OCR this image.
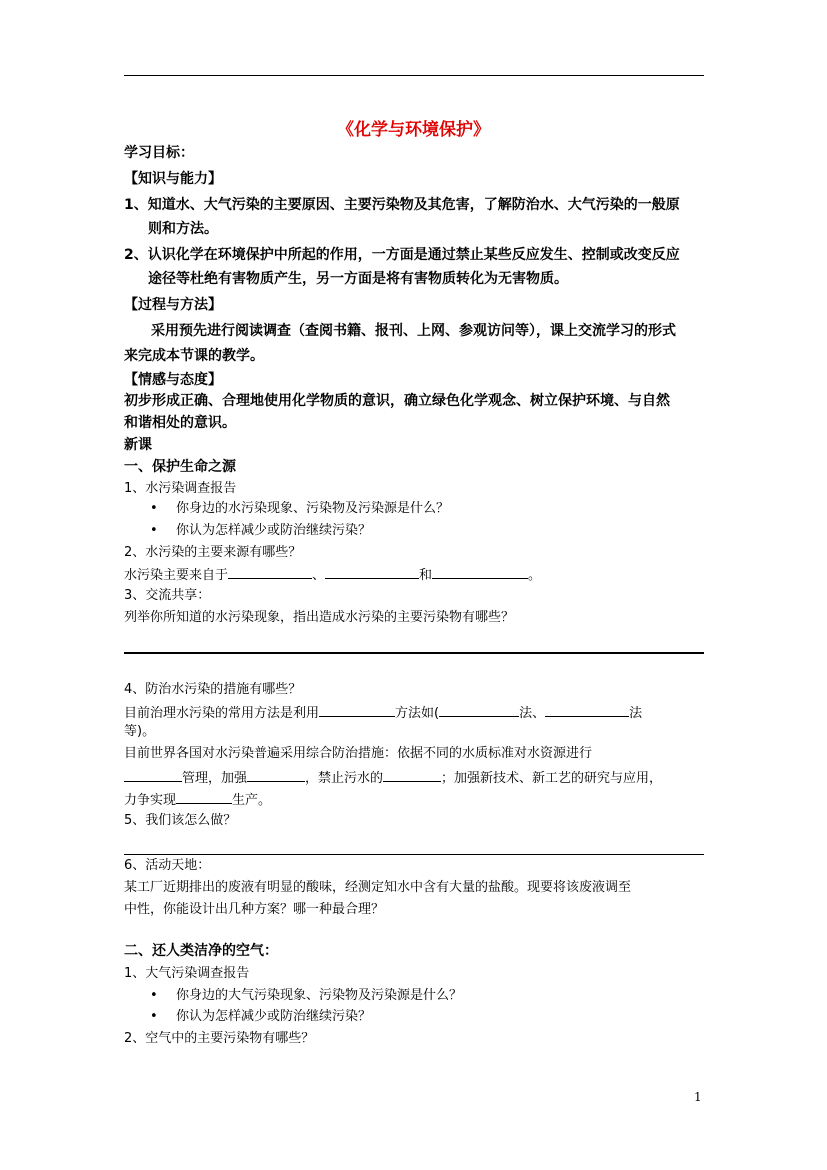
《化学与环境保护》
学习目标：
【知识与能力】
1、知道水、大气污染的主要原因、主要污染物及其危害，了解防治水、大气污染的一般原
则和方法。
2、认识化学在环境保护中所起的作用，一方面是通过禁止某些反应发生、控制或改变反应
途径等杜绝有害物质产生，另一方面是将有害物质转化为无害物质。
【过程与方法】
采用预先进行阅读调查（查阅书籍、报刊、上网、参观访问等），课上交流学习的形式
来完成本节课的教学。
【情感与态度】
初步形成正确、合理地使用化学物质的意识，确立绿色化学观念、树立保护环境、与自然
和谐相处的意识。
新课
一、保护生命之源
1、水污染调查报告
• 你身边的水污染现象、污染物及污染源是什么？
• 你认为怎样减少或防治继续污染？
2、水污染的主要来源有哪些？
水污染主要来自于	、	和	。
3、交流共享：
列举你所知道的水污染现象，指出造成水污染的主要污染物有哪些？
4、防治水污染的措施有哪些？
目前治理水污染的常用方法是利用	方法如(	法、	法
等)。
目前世界各国对水污染普遍采用综合防治措施：依据不同的水质标准对水资源进行
管理，加强	，禁止污水的	；加强新技术、新工艺的研究与应用，
力争实现	生产。
5、我们该怎么做？
6、活动天地：
某工厂近期排出的废液有明显的酸味，经测定知水中含有大量的盐酸。现要将该废液调至
中性，你能设计出几种方案？哪一种最合理？
二、还人类洁净的空气：
1、大气污染调查报告
• 你身边的大气污染现象、污染物及污染源是什么？
• 你认为怎样减少或防治继续污染？
2、空气中的主要污染物有哪些？
1
